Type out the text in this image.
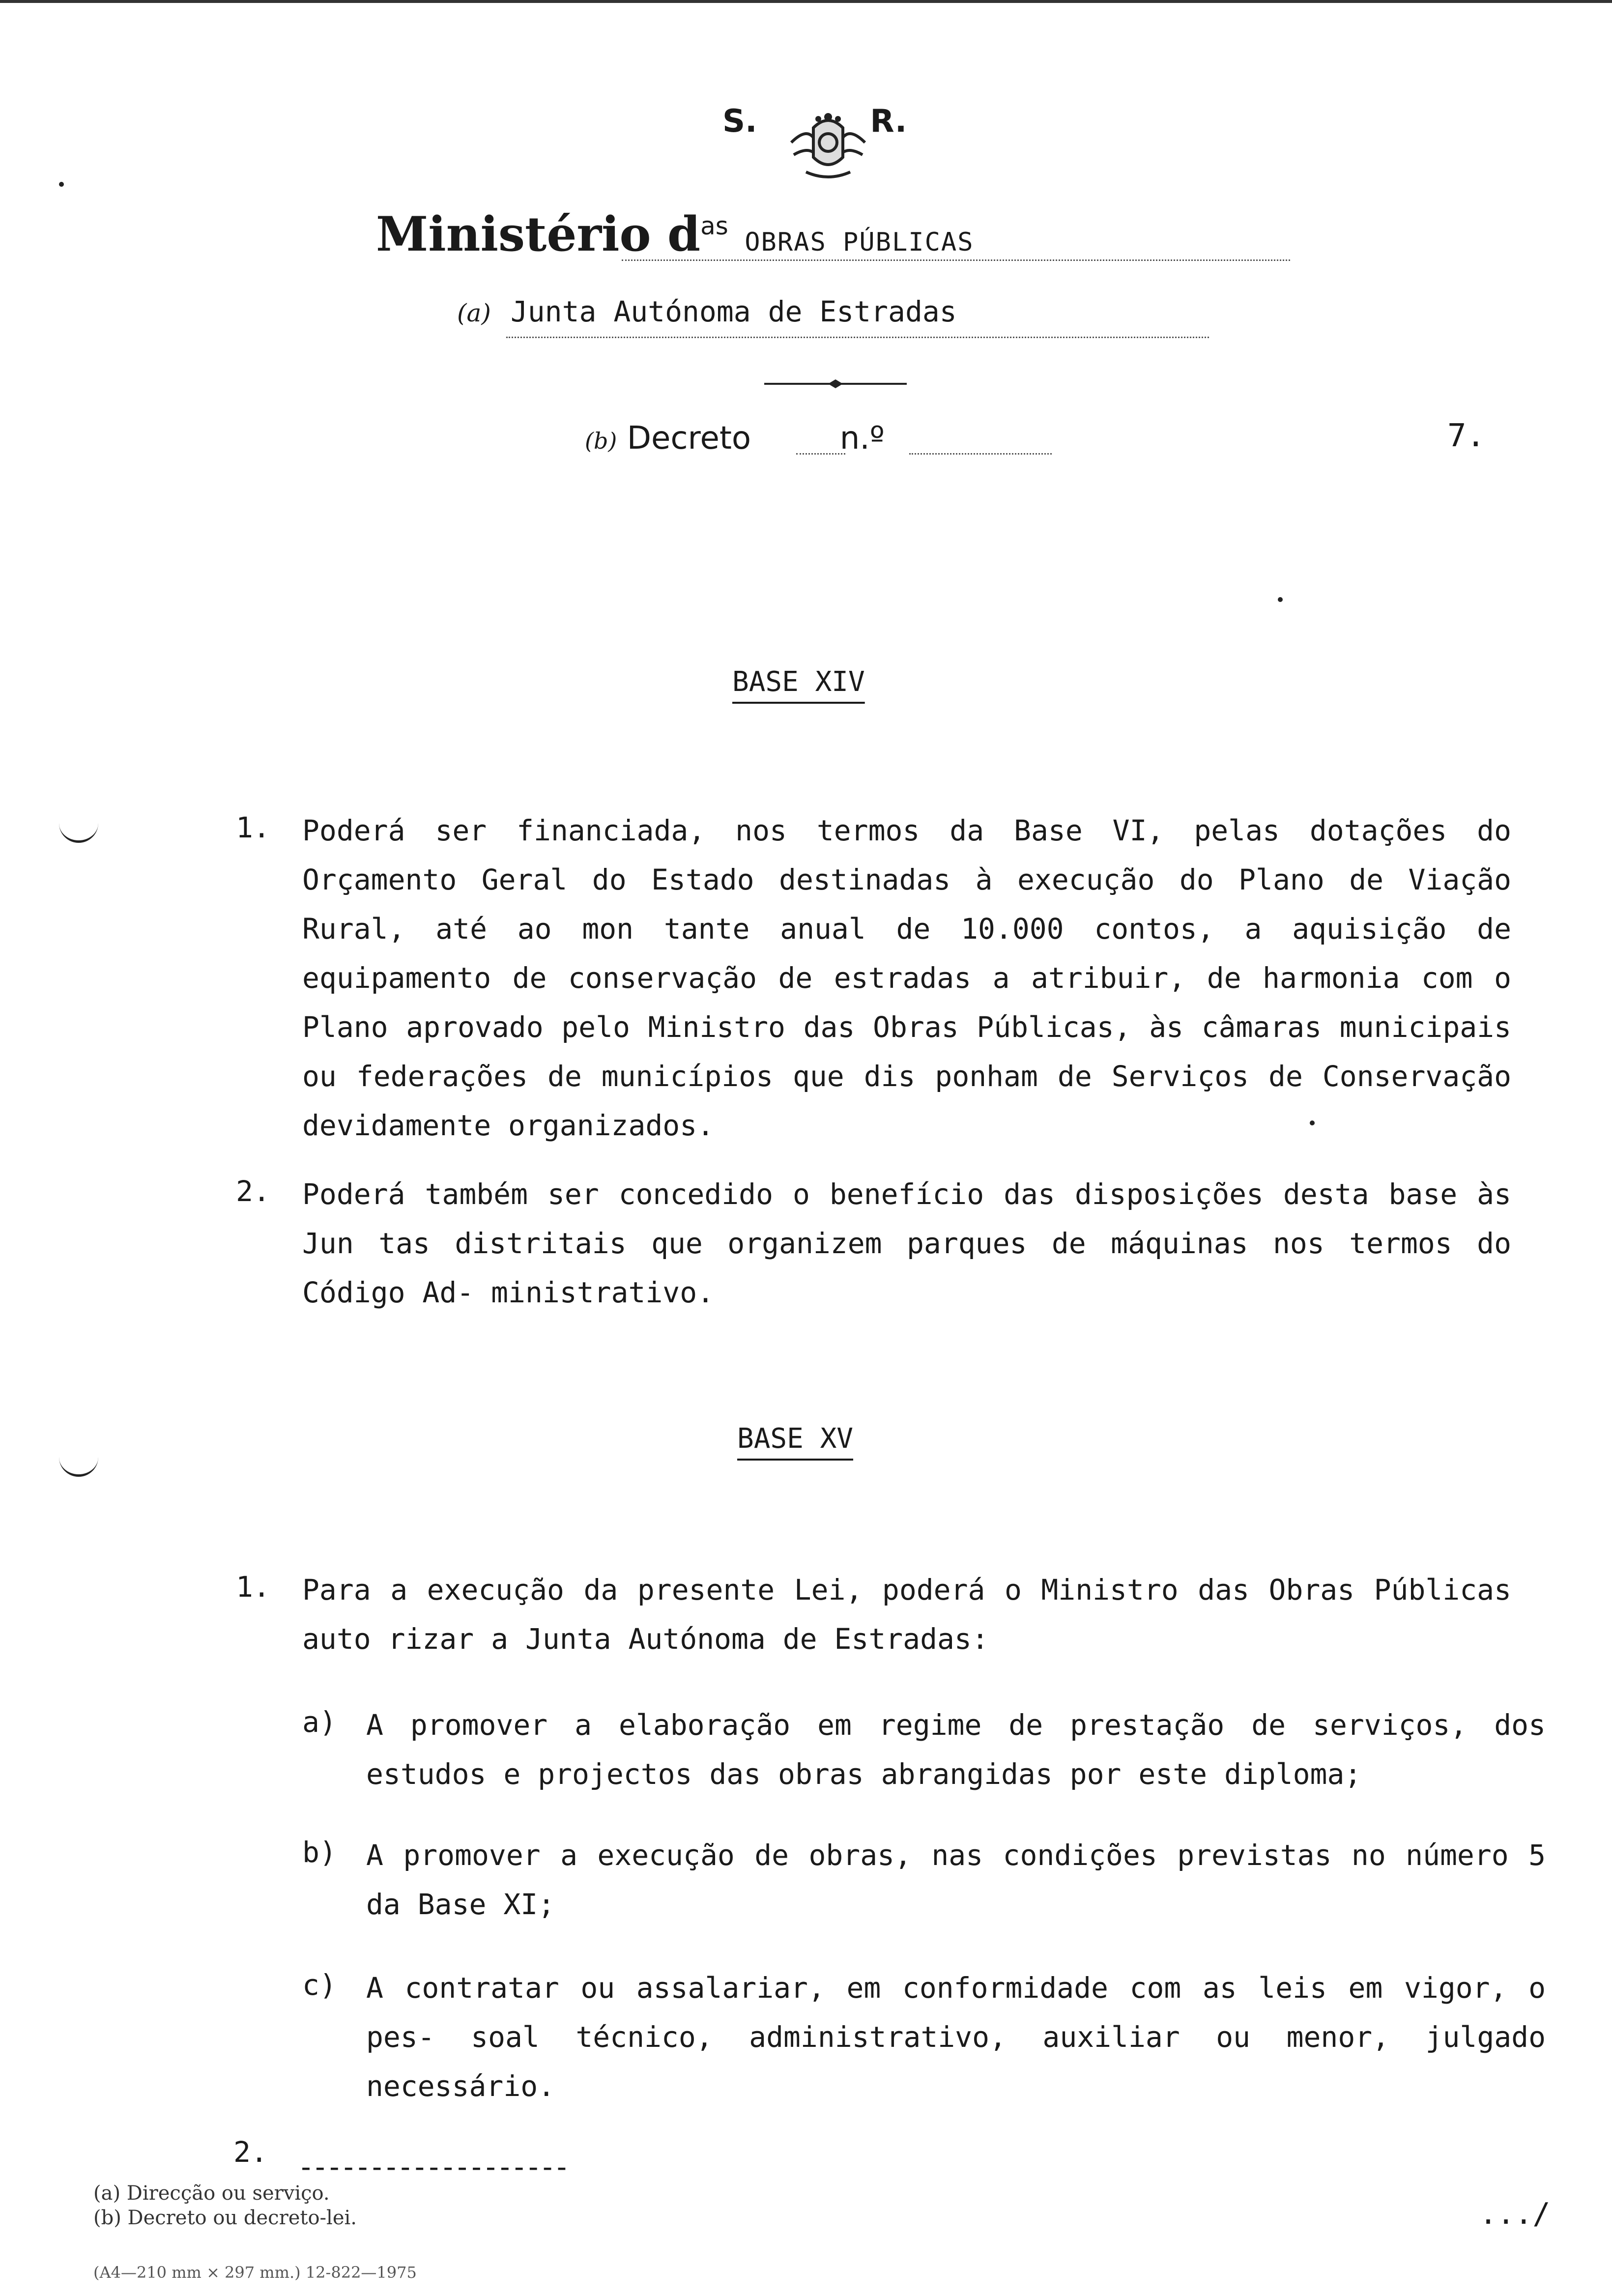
S.	R.
Ministério $d^{as}$ OBRAS PÚBLICAS
(a) Junta Autónoma de Estradas
(b) Decreto	n.º	7.
BASE XIV
1. Poderá ser financiada, nos termos da Base VI, pelas dotações do Orçamento Geral do Estado destinadas à execução do Plano de Viação Rural, até ao mon tante anual de 10.000 contos, a aquisição de equipamento de conservação de estradas a atribuir, de harmonia com o Plano aprovado pelo Ministro das Obras Públicas, às câmaras municipais ou federações de municípios que dis ponham de Serviços de Conservação devidamente organizados.
2. Poderá também ser concedido o benefício das disposições desta base às Jun tas distritais que organizem parques de máquinas nos termos do Código Ad- ministrativo.
BASE XV
1. Para a execução da presente Lei, poderá o Ministro das Obras Públicas auto rizar a Junta Autónoma de Estradas:
a) A promover a elaboração em regime de prestação de serviços, dos estudos e projectos das obras abrangidas por este diploma;
b) A promover a execução de obras, nas condições previstas no número 5 da Base XI;
c) A contratar ou assalariar, em conformidade com as leis em vigor, o pes- soal técnico, administrativo, auxiliar ou menor, julgado necessário.
2. -------------------
(a) Direcção ou serviço.
(b) Decreto ou decreto-lei.
(A4—210 mm × 297 mm.) 12-822—1975
.../
